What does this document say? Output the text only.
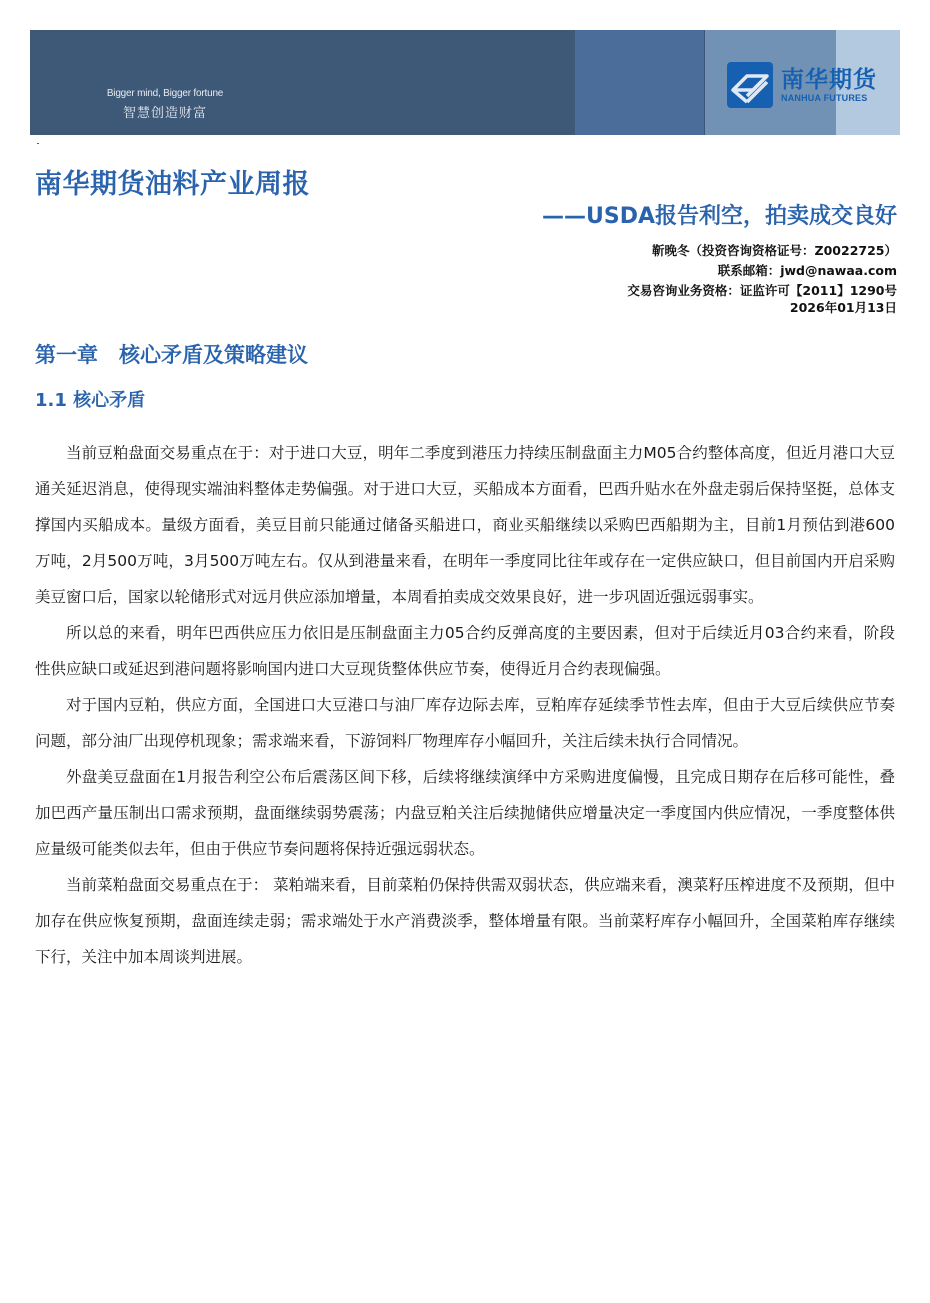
Bigger mind, Bigger fortune
智慧创造财富
南华期货
NANHUA FUTURES
南华期货油料产业周报
——USDA报告利空，拍卖成交良好
靳晚冬（投资咨询资格证号：Z0022725）
联系邮箱：jwd@nawaa.com
交易咨询业务资格：证监许可【2011】1290号
2026年01月13日
第一章　核心矛盾及策略建议
1.1 核心矛盾

当前豆粕盘面交易重点在于：对于进口大豆，明年二季度到港压力持续压制盘面主力M05合约整体高度，但近月港口大豆通关延迟消息，使得现实端油料整体走势偏强。对于进口大豆，买船成本方面看，巴西升贴水在外盘走弱后保持坚挺，总体支撑国内买船成本。量级方面看，美豆目前只能通过储备买船进口，商业买船继续以采购巴西船期为主，目前1月预估到港600万吨，2月500万吨，3月500万吨左右。仅从到港量来看，在明年一季度同比往年或存在一定供应缺口，但目前国内开启采购美豆窗口后，国家以轮储形式对远月供应添加增量，本周看拍卖成交效果良好，进一步巩固近强远弱事实。

所以总的来看，明年巴西供应压力依旧是压制盘面主力05合约反弹高度的主要因素，但对于后续近月03合约来看，阶段性供应缺口或延迟到港问题将影响国内进口大豆现货整体供应节奏，使得近月合约表现偏强。

对于国内豆粕，供应方面，全国进口大豆港口与油厂库存边际去库，豆粕库存延续季节性去库，但由于大豆后续供应节奏问题，部分油厂出现停机现象；需求端来看，下游饲料厂物理库存小幅回升，关注后续未执行合同情况。

外盘美豆盘面在1月报告利空公布后震荡区间下移，后续将继续演绎中方采购进度偏慢，且完成日期存在后移可能性，叠加巴西产量压制出口需求预期，盘面继续弱势震荡；内盘豆粕关注后续抛储供应增量决定一季度国内供应情况，一季度整体供应量级可能类似去年，但由于供应节奏问题将保持近强远弱状态。

当前菜粕盘面交易重点在于： 菜粕端来看，目前菜粕仍保持供需双弱状态，供应端来看，澳菜籽压榨进度不及预期，但中加存在供应恢复预期，盘面连续走弱；需求端处于水产消费淡季，整体增量有限。当前菜籽库存小幅回升，全国菜粕库存继续下行，关注中加本周谈判进展。
